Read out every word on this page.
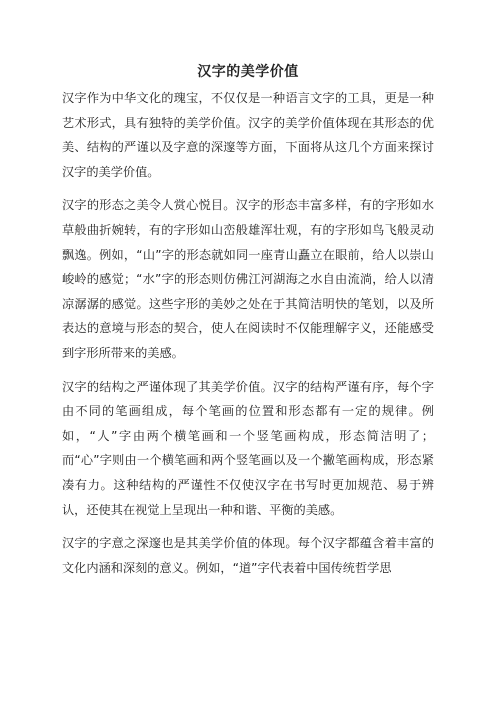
汉字的美学价值

汉字作为中华文化的瑰宝，不仅仅是一种语言文字的工具，更是一种艺术形式，具有独特的美学价值。汉字的美学价值体现在其形态的优美、结构的严谨以及字意的深邃等方面，下面将从这几个方面来探讨汉字的美学价值。

汉字的形态之美令人赏心悦目。汉字的形态丰富多样，有的字形如水草般曲折婉转，有的字形如山峦般雄浑壮观，有的字形如鸟飞般灵动飘逸。例如，“山”字的形态就如同一座青山矗立在眼前，给人以崇山峻岭的感觉；“水”字的形态则仿佛江河湖海之水自由流淌，给人以清凉潺潺的感觉。这些字形的美妙之处在于其简洁明快的笔划，以及所表达的意境与形态的契合，使人在阅读时不仅能理解字义，还能感受到字形所带来的美感。

汉字的结构之严谨体现了其美学价值。汉字的结构严谨有序，每个字由不同的笔画组成，每个笔画的位置和形态都有一定的规律。例如，“人”字由两个横笔画和一个竖笔画构成，形态简洁明了；而“心”字则由一个横笔画和两个竖笔画以及一个撇笔画构成，形态紧凑有力。这种结构的严谨性不仅使汉字在书写时更加规范、易于辨认，还使其在视觉上呈现出一种和谐、平衡的美感。

汉字的字意之深邃也是其美学价值的体现。每个汉字都蕴含着丰富的文化内涵和深刻的意义。例如，“道”字代表着中国传统哲学思
